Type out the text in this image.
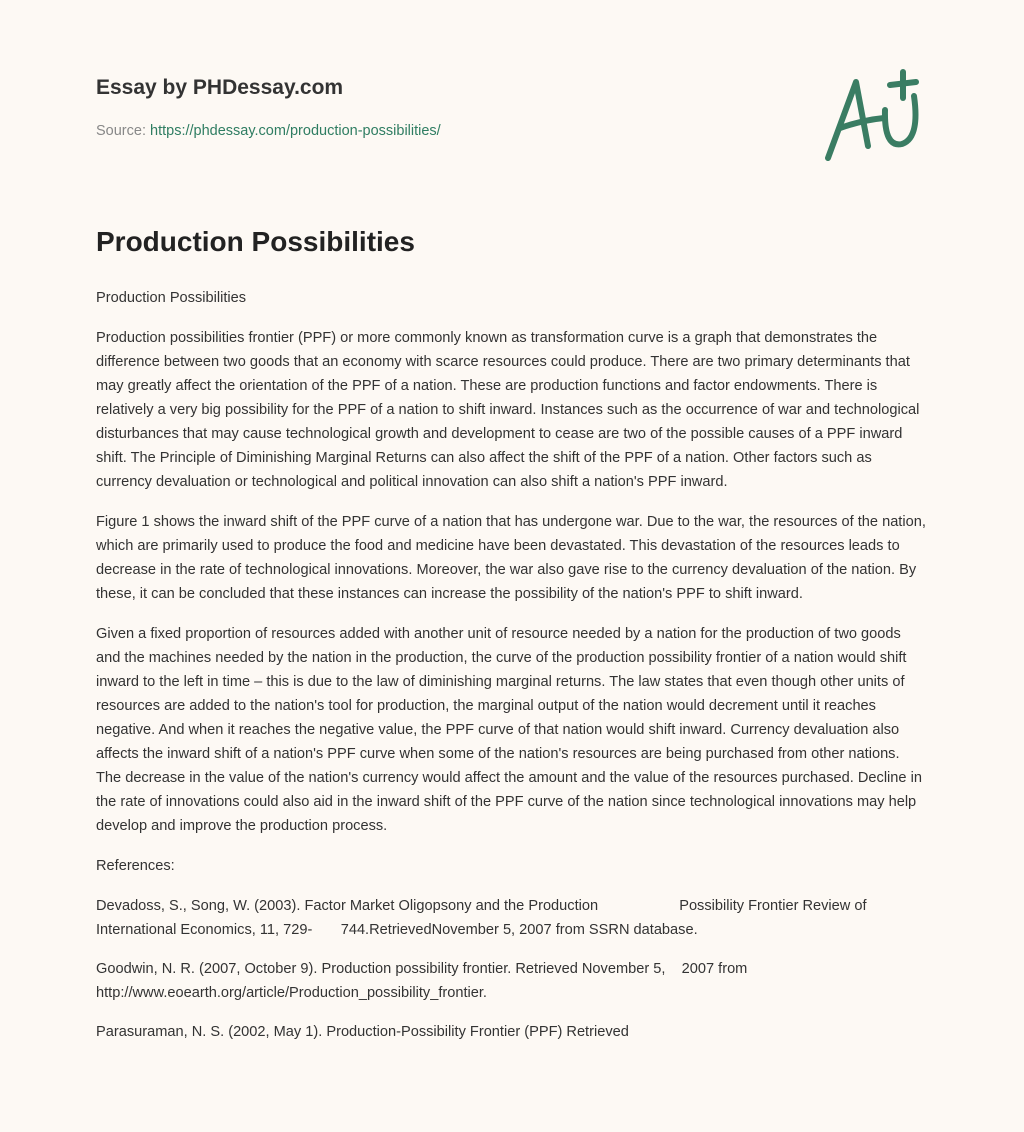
Essay by PHDessay.com
Source: https://phdessay.com/production-possibilities/
Production Possibilities

Production Possibilities

Production possibilities frontier (PPF) or more commonly known as transformation curve is a graph that demonstrates the difference between two goods that an economy with scarce resources could produce. There are two primary determinants that may greatly affect the orientation of the PPF of a nation. These are production functions and factor endowments. There is relatively a very big possibility for the PPF of a nation to shift inward. Instances such as the occurrence of war and technological disturbances that may cause technological growth and development to cease are two of the possible causes of a PPF inward shift. The Principle of Diminishing Marginal Returns can also affect the shift of the PPF of a nation. Other factors such as currency devaluation or technological and political innovation can also shift a nation's PPF inward.

Figure 1 shows the inward shift of the PPF curve of a nation that has undergone war. Due to the war, the resources of the nation, which are primarily used to produce the food and medicine have been devastated. This devastation of the resources leads to decrease in the rate of technological innovations. Moreover, the war also gave rise to the currency devaluation of the nation. By these, it can be concluded that these instances can increase the possibility of the nation's PPF to shift inward.

Given a fixed proportion of resources added with another unit of resource needed by a nation for the production of two goods and the machines needed by the nation in the production, the curve of the production possibility frontier of a nation would shift inward to the left in time – this is due to the law of diminishing marginal returns. The law states that even though other units of resources are added to the nation's tool for production, the marginal output of the nation would decrement until it reaches negative. And when it reaches the negative value, the PPF curve of that nation would shift inward. Currency devaluation also affects the inward shift of a nation's PPF curve when some of the nation's resources are being purchased from other nations. The decrease in the value of the nation's currency would affect the amount and the value of the resources purchased. Decline in the rate of innovations could also aid in the inward shift of the PPF curve of the nation since technological innovations may help develop and improve the production process.

References:

Devadoss, S., Song, W. (2003). Factor Market Oligopsony and the Production                    Possibility Frontier Review of International Economics, 11, 729-       744.RetrievedNovember 5, 2007 from SSRN database.

Goodwin, N. R. (2007, October 9). Production possibility frontier. Retrieved November 5,    2007 from http://www.eoearth.org/article/Production_possibility_frontier.

Parasuraman, N. S. (2002, May 1). Production-Possibility Frontier (PPF) Retrieved
